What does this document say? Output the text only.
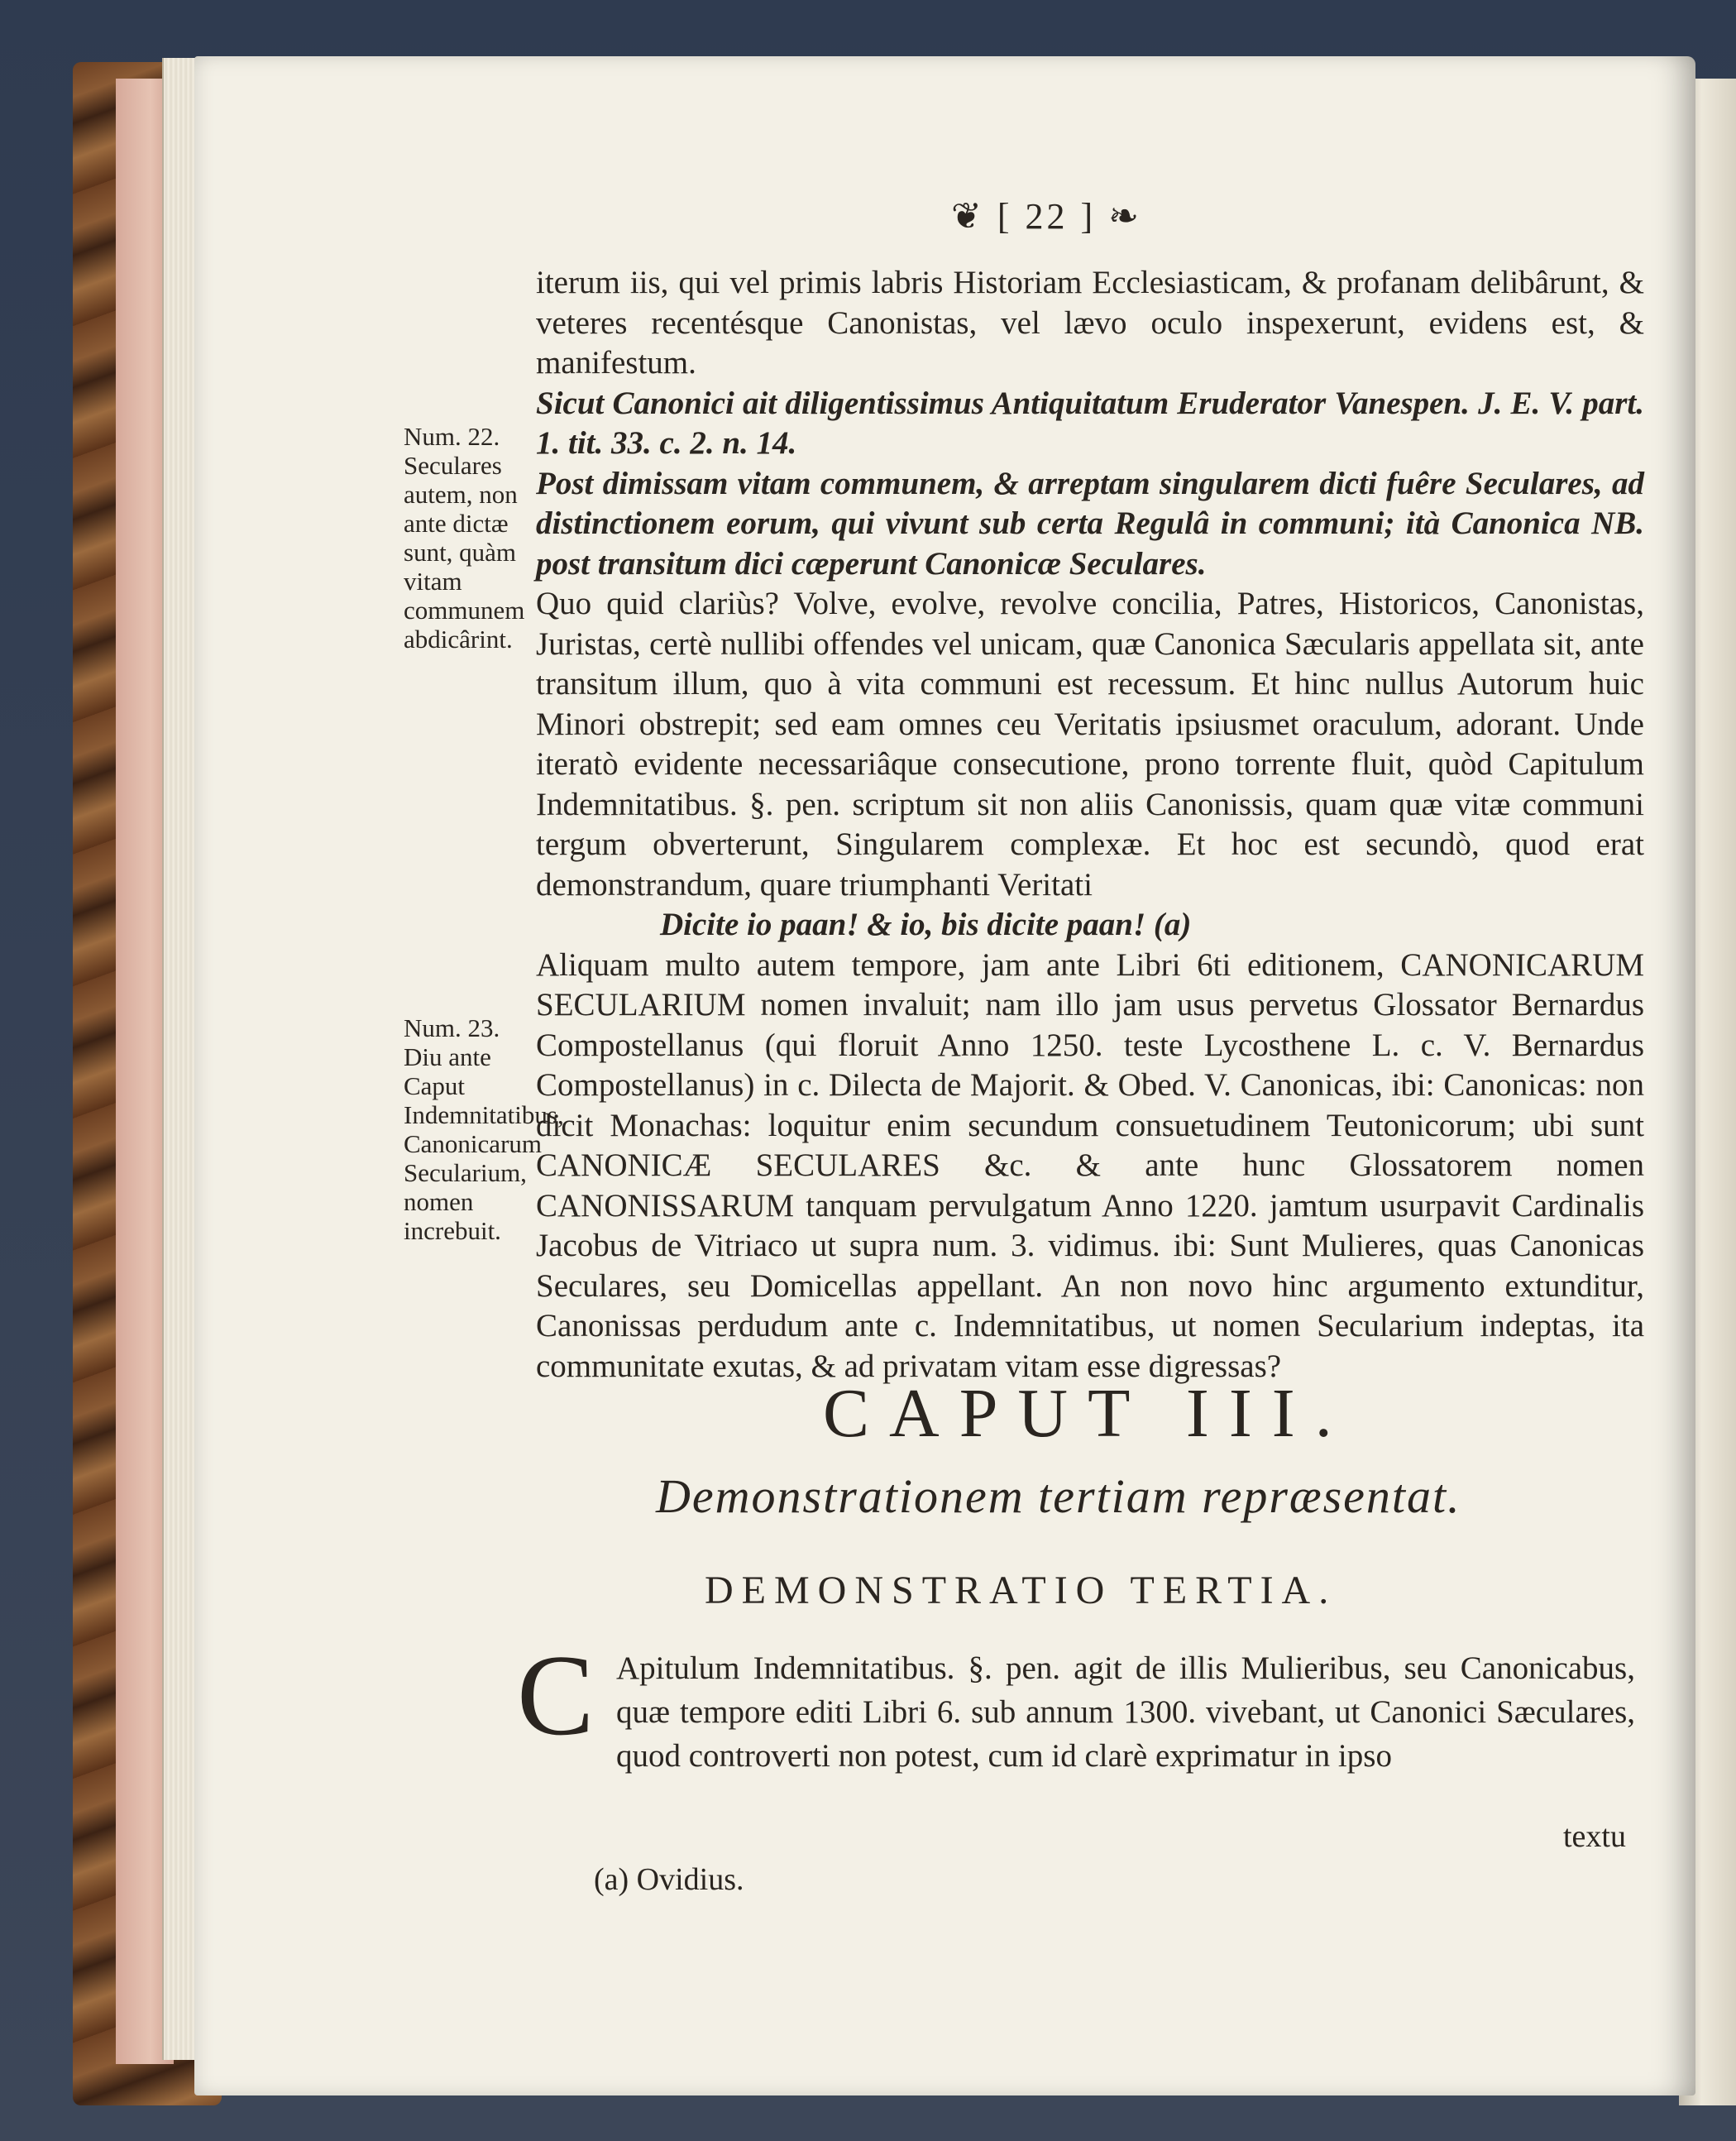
❦ [ 22 ] ❧
Num. 22. Seculares autem, non ante dictæ sunt, quàm vitam communem abdicârint.
Num. 23. Diu ante Caput Indemnitatibus, Canonicarum Secularium, nomen increbuit.

iterum iis, qui vel primis labris Historiam Ecclesiasticam, & profanam delibârunt, & veteres recentésque Canonistas, vel lævo oculo inspexerunt, evidens est, & manifestum.

Sicut Canonici ait diligentissimus Antiquitatum Eruderator Vanespen. J. E. V. part. 1. tit. 33. c. 2. n. 14.

Post dimissam vitam communem, & arreptam singularem dicti fuêre Seculares, ad distinctionem eorum, qui vivunt sub certa Regulâ in communi; ità Canonica NB. post transitum dici cæperunt Canonicæ Seculares.

Quo quid clariùs? Volve, evolve, revolve concilia, Patres, Historicos, Canonistas, Juristas, certè nullibi offendes vel unicam, quæ Canonica Sæcularis appellata sit, ante transitum illum, quo à vita communi est recessum. Et hinc nullus Autorum huic Minori obstrepit; sed eam omnes ceu Veritatis ipsiusmet oraculum, adorant. Unde iteratò evidente necessariâque consecutione, prono torrente fluit, quòd Capitulum Indemnitatibus. §. pen. scriptum sit non aliis Canonissis, quam quæ vitæ communi tergum obverterunt, Singularem complexæ. Et hoc est secundò, quod erat demonstrandum, quare triumphanti Veritati

Dicite io paan! & io, bis dicite paan! (a)

Aliquam multo autem tempore, jam ante Libri 6ti editionem, CANONICARUM SECULARIUM nomen invaluit; nam illo jam usus pervetus Glossator Bernardus Compostellanus (qui floruit Anno 1250. teste Lycosthene L. c. V. Bernardus Compostellanus) in c. Dilecta de Majorit. & Obed. V. Canonicas, ibi: Canonicas: non dicit Monachas: loquitur enim secundum consuetudinem Teutonicorum; ubi sunt CANONICÆ SECULARES &c. & ante hunc Glossatorem nomen CANONISSARUM tanquam pervulgatum Anno 1220. jamtum usurpavit Cardinalis Jacobus de Vitriaco ut supra num. 3. vidimus. ibi: Sunt Mulieres, quas Canonicas Seculares, seu Domicellas appellant. An non novo hinc argumento extunditur, Canonissas perdudum ante c. Indemnitatibus, ut nomen Secularium indeptas, ita communitate exutas, & ad privatam vitam esse digressas?

CAPUT III.
Demonstrationem tertiam repræsentat.
DEMONSTRATIO TERTIA.
C Apitulum Indemnitatibus. §. pen. agit de illis Mulieribus, seu Canonicabus, quæ tempore editi Libri 6. sub annum 1300. vivebant, ut Canonici Sæculares, quod controverti non potest, cum id clarè exprimatur in ipso

textu
(a) Ovidius.
